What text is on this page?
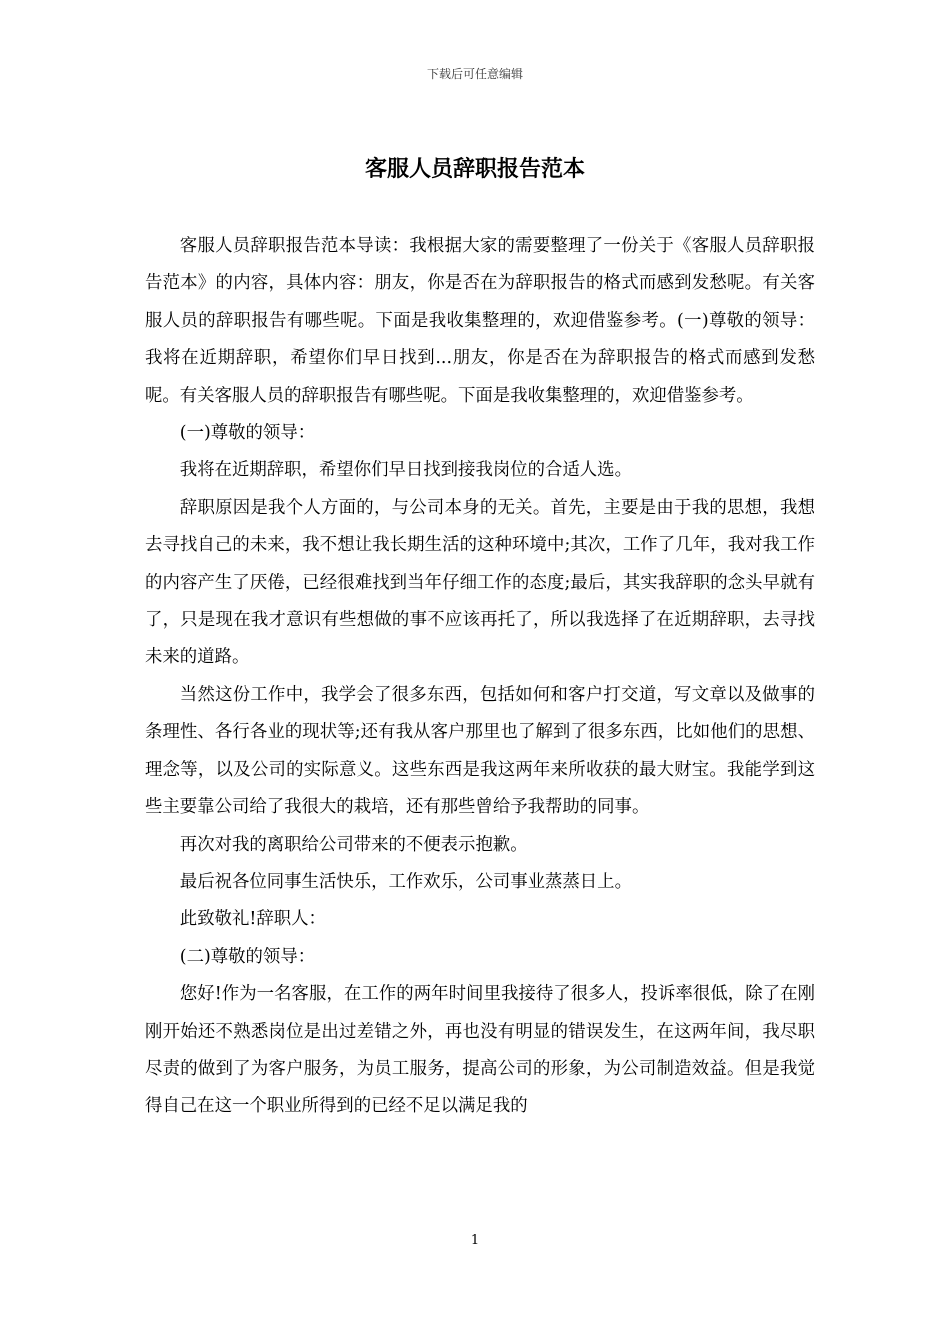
下载后可任意编辑
客服人员辞职报告范本

客服人员辞职报告范本导读：我根据大家的需要整理了一份关于《客服人员辞职报告范本》的内容，具体内容：朋友，你是否在为辞职报告的格式而感到发愁呢。有关客服人员的辞职报告有哪些呢。下面是我收集整理的，欢迎借鉴参考。(一)尊敬的领导：我将在近期辞职，希望你们早日找到...朋友，你是否在为辞职报告的格式而感到发愁呢。有关客服人员的辞职报告有哪些呢。下面是我收集整理的，欢迎借鉴参考。

(一)尊敬的领导：

我将在近期辞职，希望你们早日找到接我岗位的合适人选。

辞职原因是我个人方面的，与公司本身的无关。首先，主要是由于我的思想，我想去寻找自己的未来，我不想让我长期生活的这种环境中;其次，工作了几年，我对我工作的内容产生了厌倦，已经很难找到当年仔细工作的态度;最后，其实我辞职的念头早就有了，只是现在我才意识有些想做的事不应该再托了，所以我选择了在近期辞职，去寻找未来的道路。

当然这份工作中，我学会了很多东西，包括如何和客户打交道，写文章以及做事的条理性、各行各业的现状等;还有我从客户那里也了解到了很多东西，比如他们的思想、理念等，以及公司的实际意义。这些东西是我这两年来所收获的最大财宝。我能学到这些主要靠公司给了我很大的栽培，还有那些曾给予我帮助的同事。

再次对我的离职给公司带来的不便表示抱歉。

最后祝各位同事生活快乐，工作欢乐，公司事业蒸蒸日上。

此致敬礼!辞职人：

(二)尊敬的领导：

您好!作为一名客服，在工作的两年时间里我接待了很多人，投诉率很低，除了在刚刚开始还不熟悉岗位是出过差错之外，再也没有明显的错误发生，在这两年间，我尽职尽责的做到了为客户服务，为员工服务，提高公司的形象，为公司制造效益。但是我觉得自己在这一个职业所得到的已经不足以满足我的

1
